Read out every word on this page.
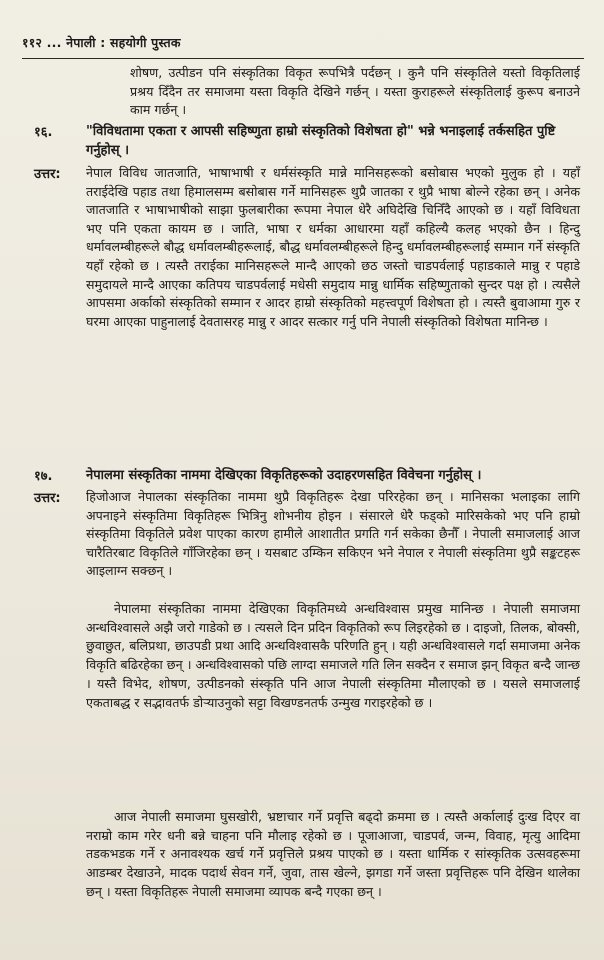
११२ ... नेपाली : सहयोगी पुस्तक
शोषण, उत्पीडन पनि संस्कृतिका विकृत रूपभित्रै पर्दछन् । कुनै पनि संस्कृतिले यस्तो विकृतिलाई प्रश्रय दिँदैन तर समाजमा यस्ता विकृति देखिने गर्छन् । यस्ता कुराहरूले संस्कृतिलाई कुरूप बनाउने काम गर्छन् ।
१६.	"विविधतामा एकता र आपसी सहिष्णुता हाम्रो संस्कृतिको विशेषता हो" भन्ने भनाइलाई तर्कसहित पुष्टि गर्नुहोस् ।
उत्तर: नेपाल विविध जातजाति, भाषाभाषी र धर्मसंस्कृति मान्ने मानिसहरूको बसोबास भएको मुलुक हो । यहाँ तराईदेखि पहाड तथा हिमालसम्म बसोबास गर्ने मानिसहरू थुप्रै जातका र थुप्रै भाषा बोल्ने रहेका छन् । अनेक जातजाति र भाषाभाषीको साझा फुलबारीका रूपमा नेपाल धेरै अघिदेखि चिनिँदै आएको छ । यहाँ विविधता भए पनि एकता कायम छ । जाति, भाषा र धर्मका आधारमा यहाँ कहिल्यै कलह भएको छैन । हिन्दु धर्मावलम्बीहरूले बौद्ध धर्मावलम्बीहरूलाई, बौद्ध धर्मावलम्बीहरूले हिन्दु धर्मावलम्बीहरूलाई सम्मान गर्ने संस्कृति यहाँ रहेको छ । त्यस्तै तराईका मानिसहरूले मान्दै आएको छठ जस्तो चाडपर्वलाई पहाडकाले मान्नु र पहाडे समुदायले मान्दै आएका कतिपय चाडपर्वलाई मधेसी समुदाय मान्नु धार्मिक सहिष्णुताको सुन्दर पक्ष हो । त्यसैले आपसमा अर्काको संस्कृतिको सम्मान र आदर हाम्रो संस्कृतिको महत्त्वपूर्ण विशेषता हो । त्यस्तै बुवाआमा गुरु र घरमा आएका पाहुनालाई देवतासरह मान्नु र आदर सत्कार गर्नु पनि नेपाली संस्कृतिको विशेषता मानिन्छ ।
१७.	नेपालमा संस्कृतिका नाममा देखिएका विकृतिहरूको उदाहरणसहित विवेचना गर्नुहोस् ।
उत्तर: हिजोआज नेपालका संस्कृतिका नाममा थुप्रै विकृतिहरू देखा परिरहेका छन् । मानिसका भलाइका लागि अपनाइने संस्कृतिमा विकृतिहरू भित्रिनु शोभनीय होइन । संसारले धेरै फड्को मारिसकेको भए पनि हाम्रो संस्कृतिमा विकृतिले प्रवेश पाएका कारण हामीले आशातीत प्रगति गर्न सकेका छैनौँ । नेपाली समाजलाई आज चारैतिरबाट विकृतिले गाँजिरहेका छन् । यसबाट उम्किन सकिएन भने नेपाल र नेपाली संस्कृतिमा थुप्रै सङ्कटहरू आइलाग्न सक्छन् ।
नेपालमा संस्कृतिका नाममा देखिएका विकृतिमध्ये अन्धविश्वास प्रमुख मानिन्छ । नेपाली समाजमा अन्धविश्वासले अझै जरो गाडेको छ । त्यसले दिन प्रदिन विकृतिको रूप लिइरहेको छ । दाइजो, तिलक, बोक्सी, छुवाछुत, बलिप्रथा, छाउपडी प्रथा आदि अन्धविश्वासकै परिणति हुन् । यही अन्धविश्वासले गर्दा समाजमा अनेक विकृति बढिरहेका छन् । अन्धविश्वासको पछि लाग्दा समाजले गति लिन सक्दैन र समाज झन् विकृत बन्दै जान्छ । यस्तै विभेद, शोषण, उत्पीडनको संस्कृति पनि आज नेपाली संस्कृतिमा मौलाएको छ । यसले समाजलाई एकताबद्ध र सद्भावतर्फ डोऱ्याउनुको सट्टा विखण्डनतर्फ उन्मुख गराइरहेको छ ।
आज नेपाली समाजमा घुसखोरी, भ्रष्टाचार गर्ने प्रवृत्ति बढ्दो क्रममा छ । त्यस्तै अर्कालाई दुःख दिएर वा नराम्रो काम गरेर धनी बन्ने चाहना पनि मौलाइ रहेको छ । पूजाआजा, चाडपर्व, जन्म, विवाह, मृत्यु आदिमा तडकभडक गर्ने र अनावश्यक खर्च गर्ने प्रवृत्तिले प्रश्रय पाएको छ । यस्ता धार्मिक र सांस्कृतिक उत्सवहरूमा आडम्बर देखाउने, मादक पदार्थ सेवन गर्ने, जुवा, तास खेल्ने, झगडा गर्ने जस्ता प्रवृत्तिहरू पनि देखिन थालेका छन् । यस्ता विकृतिहरू नेपाली समाजमा व्यापक बन्दै गएका छन् ।
